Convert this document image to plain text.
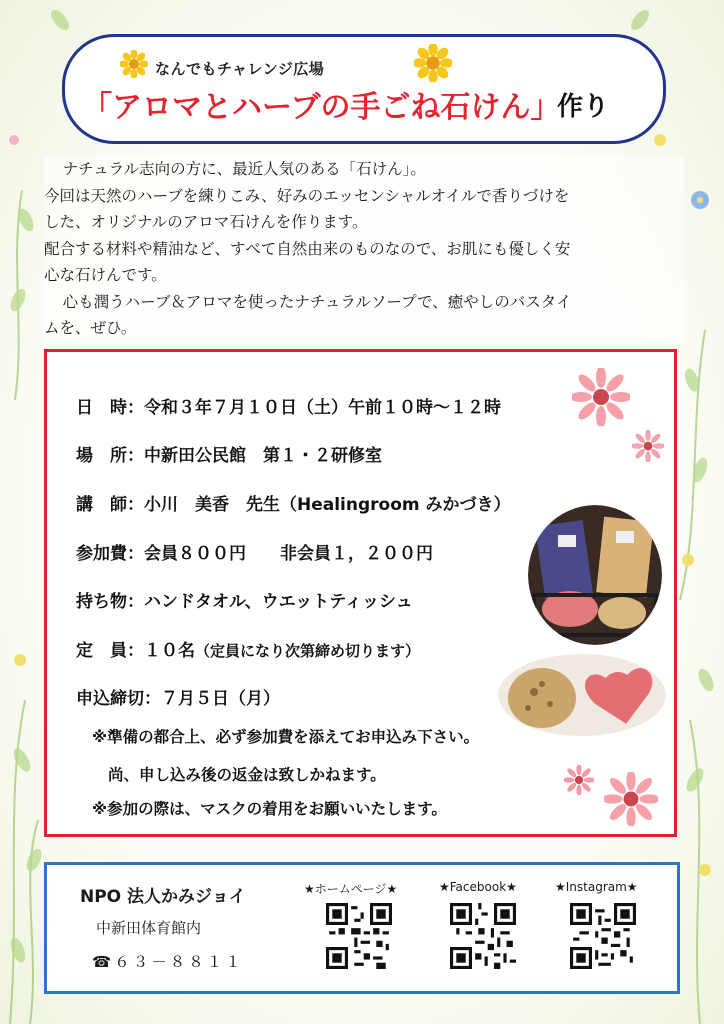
なんでもチャレンジ広場
「アロマとハーブの手ごね石けん」
作り

ナチュラル志向の方に、最近人気のある「石けん」。

今回は天然のハーブを練りこみ、好みのエッセンシャルオイルで香りづけを

した、オリジナルのアロマ石けんを作ります。

配合する材料や精油など、すべて自然由来のものなので、お肌にも優しく安

心な石けんです。

心も潤うハーブ＆アロマを使ったナチュラルソープで、癒やしのバスタイ

ムを、ぜひ。

日　時：令和３年７月１０日（土）午前１０時～１２時
場　所：中新田公民館　第１・２研修室
講　師：小川　美香　先生（Healingroom みかづき）
参加費：会員８００円　　非会員１，２００円
持ち物：ハンドタオル、ウエットティッシュ
定　員：１０名（定員になり次第締め切ります）
申込締切：７月５日（月）
※準備の都合上、必ず参加費を添えてお申込み下さい。
尚、申し込み後の返金は致しかねます。
※参加の際は、マスクの着用をお願いいたします。
NPO 法人かみジョイ
中新田体育館内
☎６３－８８１１
★ホームページ★	★Facebook★	★Instagram★
